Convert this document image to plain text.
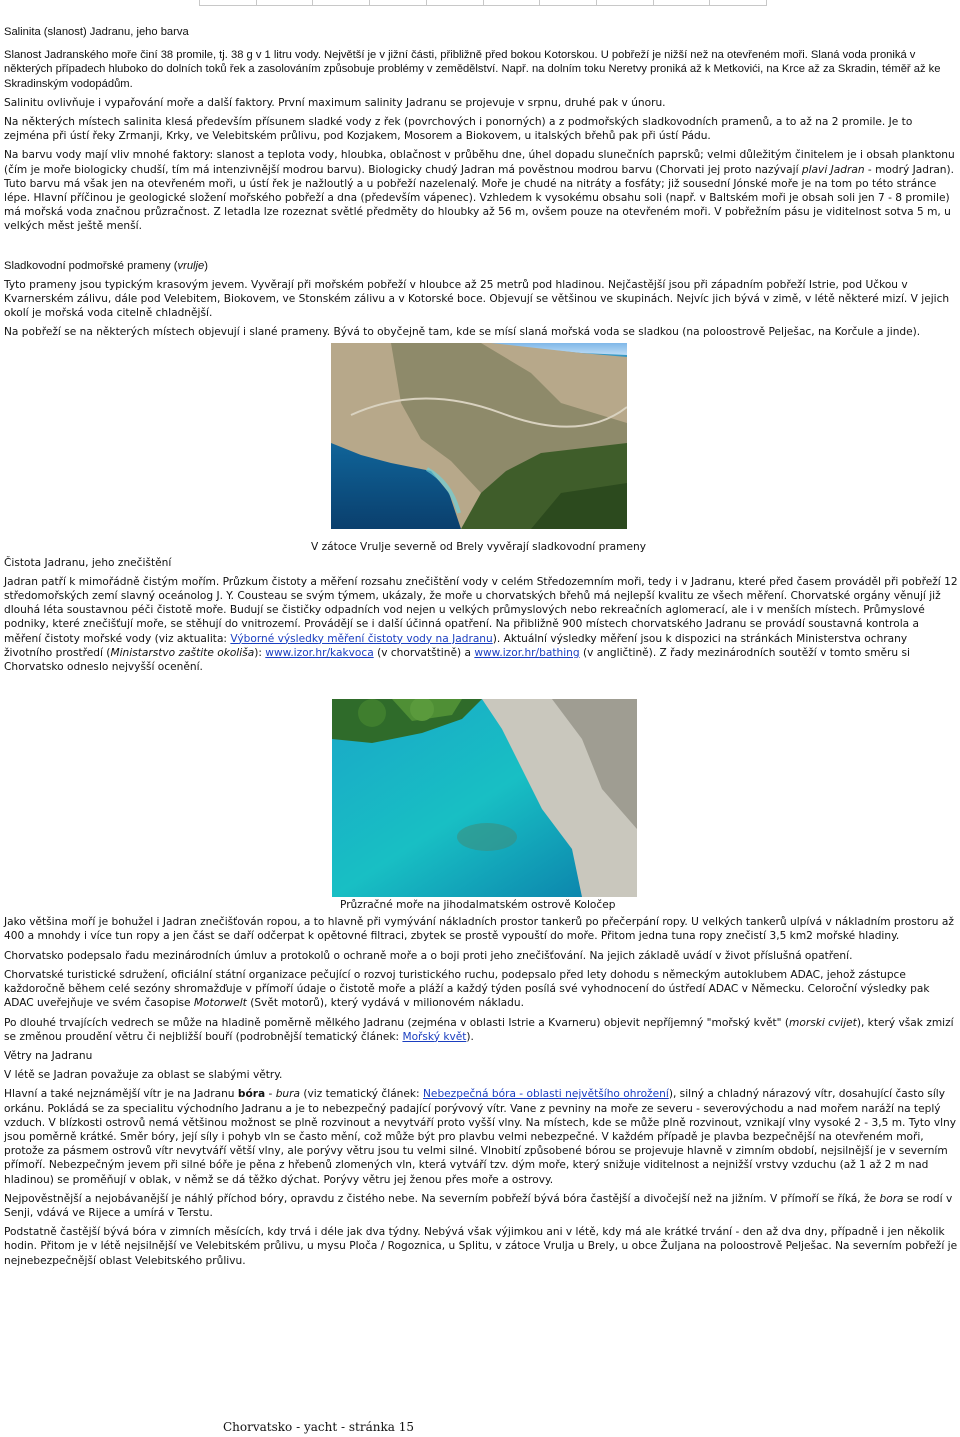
Salinita (slanost) Jadranu, jeho barva
Slanost Jadranského moře činí 38 promile, tj. 38 g v 1 litru vody. Největší je v jižní části, přibližně před bokou Kotorskou. U pobřeží je nižší než na otevřeném moři. Slaná voda proniká v některých případech hluboko do dolních toků řek a zasolováním způsobuje problémy v zemědělství. Např. na dolním toku Neretvy proniká až k Metkovići, na Krce až za Skradin, téměř až ke Skradinským vodopádům.
Salinitu ovlivňuje i vypařování moře a další faktory. První maximum salinity Jadranu se projevuje v srpnu, druhé pak v únoru.
Na některých místech salinita klesá především přísunem sladké vody z řek (povrchových i ponorných) a z podmořských sladkovodních pramenů, a to až na 2 promile. Je to zejména při ústí řeky Zrmanji, Krky, ve Velebitském průlivu, pod Kozjakem, Mosorem a Biokovem, u italských břehů pak při ústí Pádu.
Na barvu vody mají vliv mnohé faktory: slanost a teplota vody, hloubka, oblačnost v průběhu dne, úhel dopadu slunečních paprsků; velmi důležitým činitelem je i obsah planktonu (čím je moře biologicky chudší, tím má intenzivnější modrou barvu). Biologicky chudý Jadran má pověstnou modrou barvu (Chorvati jej proto nazývají plavi Jadran - modrý Jadran). Tuto barvu má však jen na otevřeném moři, u ústí řek je nažloutlý a u pobřeží nazelenalý. Moře je chudé na nitráty a fosfáty; již sousední Jónské moře je na tom po této stránce lépe. Hlavní příčinou je geologické složení mořského pobřeží a dna (především vápenec). Vzhledem k vysokému obsahu soli (např. v Baltském moři je obsah soli jen 7 - 8 promile) má mořská voda značnou průzračnost. Z letadla lze rozeznat světlé předměty do hloubky až 56 m, ovšem pouze na otevřeném moři. V pobřežním pásu je viditelnost sotva 5 m, u velkých měst ještě menší.
Sladkovodní podmořské prameny (vrulje)
Tyto prameny jsou typickým krasovým jevem. Vyvěrají při mořském pobřeží v hloubce až 25 metrů pod hladinou. Nejčastější jsou při západním pobřeží Istrie, pod Učkou v Kvarnerském zálivu, dále pod Velebitem, Biokovem, ve Stonském zálivu a v Kotorské boce. Objevují se většinou ve skupinách. Nejvíc jich bývá v zimě, v létě některé mizí. V jejich okolí je mořská voda citelně chladnější.
Na pobřeží se na některých místech objevují i slané prameny. Bývá to obyčejně tam, kde se mísí slaná mořská voda se sladkou (na poloostrově Pelješac, na Korčule a jinde).
V zátoce Vrulje severně od Brely vyvěrají sladkovodní prameny
Čistota Jadranu, jeho znečištění
Jadran patří k mimořádně čistým mořím. Průzkum čistoty a měření rozsahu znečištění vody v celém Středozemním moři, tedy i v Jadranu, které před časem prováděl při pobřeží 12 středomořských zemí slavný oceánolog J. Y. Cousteau se svým týmem, ukázaly, že moře u chorvatských břehů má nejlepší kvalitu ze všech měření. Chorvatské orgány věnují již dlouhá léta soustavnou péči čistotě moře. Budují se čističky odpadních vod nejen u velkých průmyslových nebo rekreačních aglomerací, ale i v menších místech. Průmyslové podniky, které znečišťují moře, se stěhují do vnitrozemí. Provádějí se i další účinná opatření. Na přibližně 900 místech chorvatského Jadranu se provádí soustavná kontrola a měření čistoty mořské vody (viz aktualita: Výborné výsledky měření čistoty vody na Jadranu). Aktuální výsledky měření jsou k dispozici na stránkách Ministerstva ochrany životního prostředí (Ministarstvo zaštite okoliša): www.izor.hr/kakvoca (v chorvatštině) a www.izor.hr/bathing (v angličtině). Z řady mezinárodních soutěží v tomto směru si Chorvatsko odneslo nejvyšší ocenění.
Průzračné moře na jihodalmatském ostrově Koločep
Jako většina moří je bohužel i Jadran znečišťován ropou, a to hlavně při vymývání nákladních prostor tankerů po přečerpání ropy. U velkých tankerů ulpívá v nákladním prostoru až 400 a mnohdy i více tun ropy a jen část se daří odčerpat k opětovné filtraci, zbytek se prostě vypouští do moře. Přitom jedna tuna ropy znečistí 3,5 km2 mořské hladiny.
Chorvatsko podepsalo řadu mezinárodních úmluv a protokolů o ochraně moře a o boji proti jeho znečišťování. Na jejich základě uvádí v život příslušná opatření.
Chorvatské turistické sdružení, oficiální státní organizace pečující o rozvoj turistického ruchu, podepsalo před lety dohodu s německým autoklubem ADAC, jehož zástupce každoročně během celé sezóny shromažďuje v přímoří údaje o čistotě moře a pláží a každý týden posílá své vyhodnocení do ústředí ADAC v Německu. Celoroční výsledky pak ADAC uveřejňuje ve svém časopise Motorwelt (Svět motorů), který vydává v milionovém nákladu.
Po dlouhé trvajících vedrech se může na hladině poměrně mělkého Jadranu (zejména v oblasti Istrie a Kvarneru) objevit nepříjemný "mořský květ" (morski cvijet), který však zmizí se změnou proudění větru či nejbližší bouří (podrobnější tematický článek: Mořský květ).
Větry na Jadranu
V létě se Jadran považuje za oblast se slabými větry.
Hlavní a také nejznámější vítr je na Jadranu bóra - bura (viz tematický článek: Nebezpečná bóra - oblasti největšího ohrožení), silný a chladný nárazový vítr, dosahující často síly orkánu. Pokládá se za specialitu východního Jadranu a je to nebezpečný padající porývový vítr. Vane z pevniny na moře ze severu - severovýchodu a nad mořem naráží na teplý vzduch. V blízkosti ostrovů nemá většinou možnost se plně rozvinout a nevytváří proto vyšší vlny. Na místech, kde se může plně rozvinout, vznikají vlny vysoké 2 - 3,5 m. Tyto vlny jsou poměrně krátké. Směr bóry, její síly i pohyb vln se často mění, což může být pro plavbu velmi nebezpečné. V každém případě je plavba bezpečnější na otevřeném moři, protože za pásmem ostrovů vítr nevytváří větší vlny, ale porývy větru jsou tu velmi silné. Vlnobití způsobené bórou se projevuje hlavně v zimním období, nejsilnější je v severním přímoří. Nebezpečným jevem při silné bóře je pěna z hřebenů zlomených vln, která vytváří tzv. dým moře, který snižuje viditelnost a nejnižší vrstvy vzduchu (až 1 až 2 m nad hladinou) se proměňují v oblak, v němž se dá těžko dýchat. Porývy větru jej ženou přes moře a ostrovy.
Nejpověstnější a nejobávanější je náhlý příchod bóry, opravdu z čistého nebe. Na severním pobřeží bývá bóra častější a divočejší než na jižním. V přímoří se říká, že bora se rodí v Senji, vdává ve Rijece a umírá v Terstu.
Podstatně častější bývá bóra v zimních měsících, kdy trvá i déle jak dva týdny. Nebývá však výjimkou ani v létě, kdy má ale krátké trvání - den až dva dny, případně i jen několik hodin. Přitom je v létě nejsilnější ve Velebitském průlivu, u mysu Ploča / Rogoznica, u Splitu, v zátoce Vrulja u Brely, u obce Žuljana na poloostrově Pelješac. Na severním pobřeží je nejnebezpečnější oblast Velebitského průlivu.
Chorvatsko - yacht - stránka 15
